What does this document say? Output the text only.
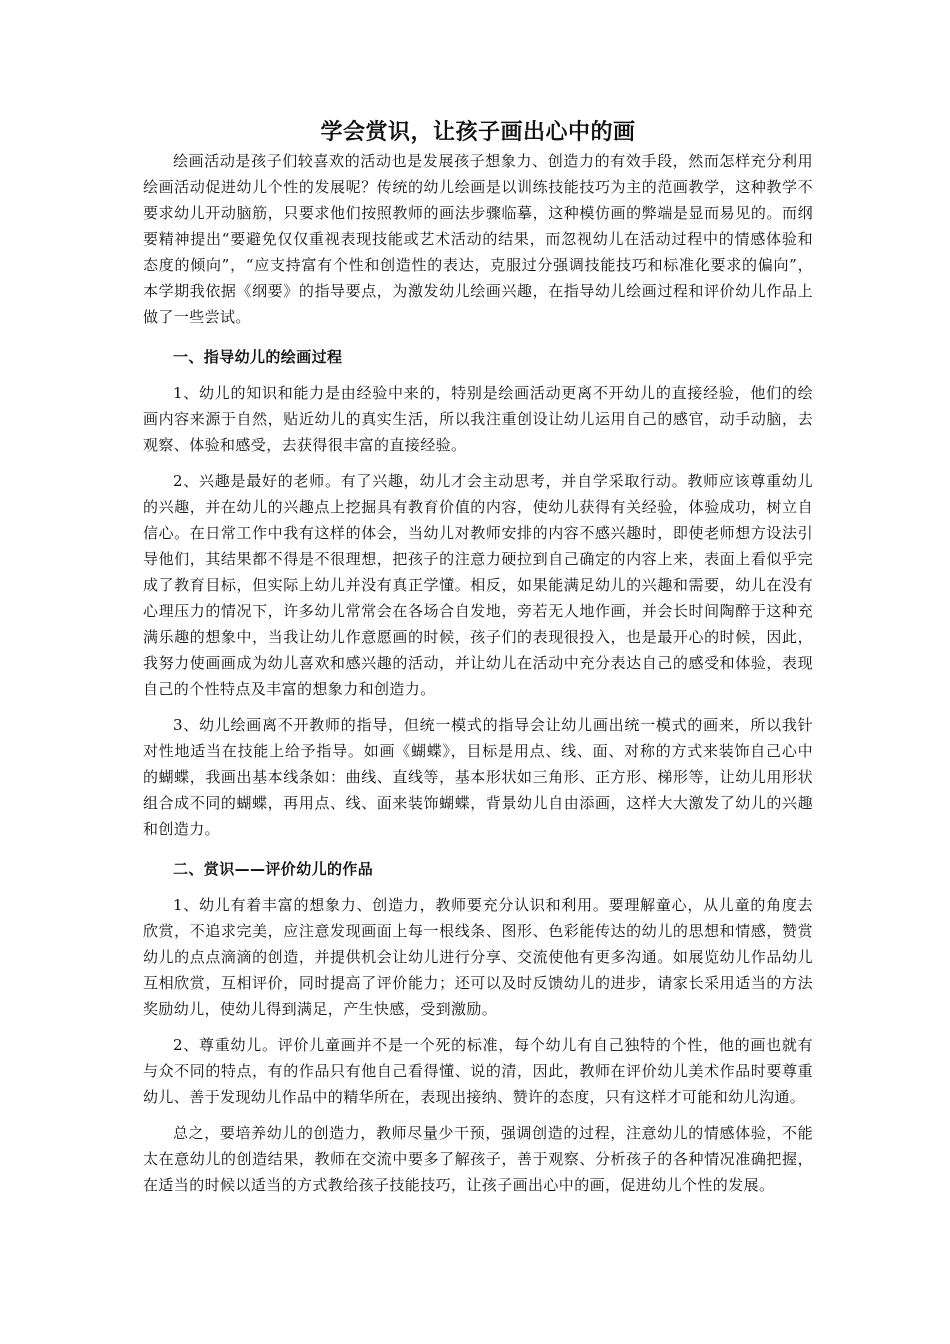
学会赏识，让孩子画出心中的画

绘画活动是孩子们较喜欢的活动也是发展孩子想象力、创造力的有效手段，然而怎样充分利用绘画活动促进幼儿个性的发展呢？传统的幼儿绘画是以训练技能技巧为主的范画教学，这种教学不要求幼儿开动脑筋，只要求他们按照教师的画法步骤临摹，这种模仿画的弊端是显而易见的。而纲要精神提出“要避免仅仅重视表现技能或艺术活动的结果，而忽视幼儿在活动过程中的情感体验和态度的倾向”，“应支持富有个性和创造性的表达，克服过分强调技能技巧和标准化要求的偏向”，本学期我依据《纲要》的指导要点，为激发幼儿绘画兴趣，在指导幼儿绘画过程和评价幼儿作品上做了一些尝试。

一、指导幼儿的绘画过程

1、幼儿的知识和能力是由经验中来的，特别是绘画活动更离不开幼儿的直接经验，他们的绘画内容来源于自然，贴近幼儿的真实生活，所以我注重创设让幼儿运用自己的感官，动手动脑，去观察、体验和感受，去获得很丰富的直接经验。

2、兴趣是最好的老师。有了兴趣，幼儿才会主动思考，并自学采取行动。教师应该尊重幼儿的兴趣，并在幼儿的兴趣点上挖掘具有教育价值的内容，使幼儿获得有关经验，体验成功，树立自信心。在日常工作中我有这样的体会，当幼儿对教师安排的内容不感兴趣时，即使老师想方设法引导他们，其结果都不得是不很理想，把孩子的注意力硬拉到自己确定的内容上来，表面上看似乎完成了教育目标，但实际上幼儿并没有真正学懂。相反，如果能满足幼儿的兴趣和需要，幼儿在没有心理压力的情况下，许多幼儿常常会在各场合自发地，旁若无人地作画，并会长时间陶醉于这种充满乐趣的想象中，当我让幼儿作意愿画的时候，孩子们的表现很投入，也是最开心的时候，因此，我努力使画画成为幼儿喜欢和感兴趣的活动，并让幼儿在活动中充分表达自己的感受和体验，表现自己的个性特点及丰富的想象力和创造力。

3、幼儿绘画离不开教师的指导，但统一模式的指导会让幼儿画出统一模式的画来，所以我针对性地适当在技能上给予指导。如画《蝴蝶》，目标是用点、线、面、对称的方式来装饰自己心中的蝴蝶，我画出基本线条如：曲线、直线等，基本形状如三角形、正方形、梯形等，让幼儿用形状组合成不同的蝴蝶，再用点、线、面来装饰蝴蝶，背景幼儿自由添画，这样大大激发了幼儿的兴趣和创造力。

二、赏识——评价幼儿的作品

1、幼儿有着丰富的想象力、创造力，教师要充分认识和利用。要理解童心，从儿童的角度去欣赏，不追求完美，应注意发现画面上每一根线条、图形、色彩能传达的幼儿的思想和情感，赞赏幼儿的点点滴滴的创造，并提供机会让幼儿进行分享、交流使他有更多沟通。如展览幼儿作品幼儿互相欣赏，互相评价，同时提高了评价能力；还可以及时反馈幼儿的进步，请家长采用适当的方法奖励幼儿，使幼儿得到满足，产生快感，受到激励。

2、尊重幼儿。评价儿童画并不是一个死的标准，每个幼儿有自己独特的个性，他的画也就有与众不同的特点，有的作品只有他自己看得懂、说的清，因此，教师在评价幼儿美术作品时要尊重幼儿、善于发现幼儿作品中的精华所在，表现出接纳、赞许的态度，只有这样才可能和幼儿沟通。

总之，要培养幼儿的创造力，教师尽量少干预，强调创造的过程，注意幼儿的情感体验，不能太在意幼儿的创造结果，教师在交流中要多了解孩子，善于观察、分析孩子的各种情况准确把握，在适当的时候以适当的方式教给孩子技能技巧，让孩子画出心中的画，促进幼儿个性的发展。
